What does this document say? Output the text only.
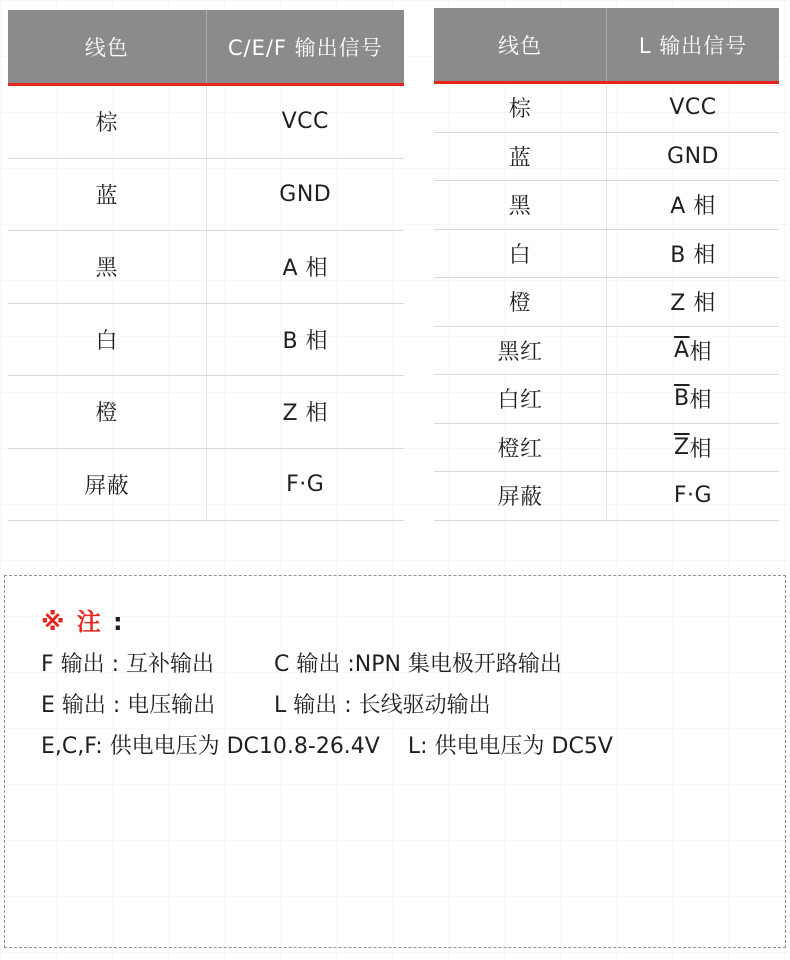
线色	C/E/F 输出信号
棕	VCC
蓝	GND
黑	A 相
白	B 相
橙	Z 相
屏蔽	F·G
线色	L 输出信号
棕	VCC
蓝	GND
黑	A 相
白	B 相
橙	Z 相
黑红	$\overline{A}$ 相
白红	$\overline{B}$ 相
橙红	$\overline{Z}$ 相
屏蔽	F·G
※ 注 :
F 输出 : 互补输出	C 输出 :NPN 集电极开路输出
E 输出 : 电压输出	L 输出 : 长线驱动输出
E,C,F: 供电电压为 DC10.8-26.4V L: 供电电压为 DC5V
